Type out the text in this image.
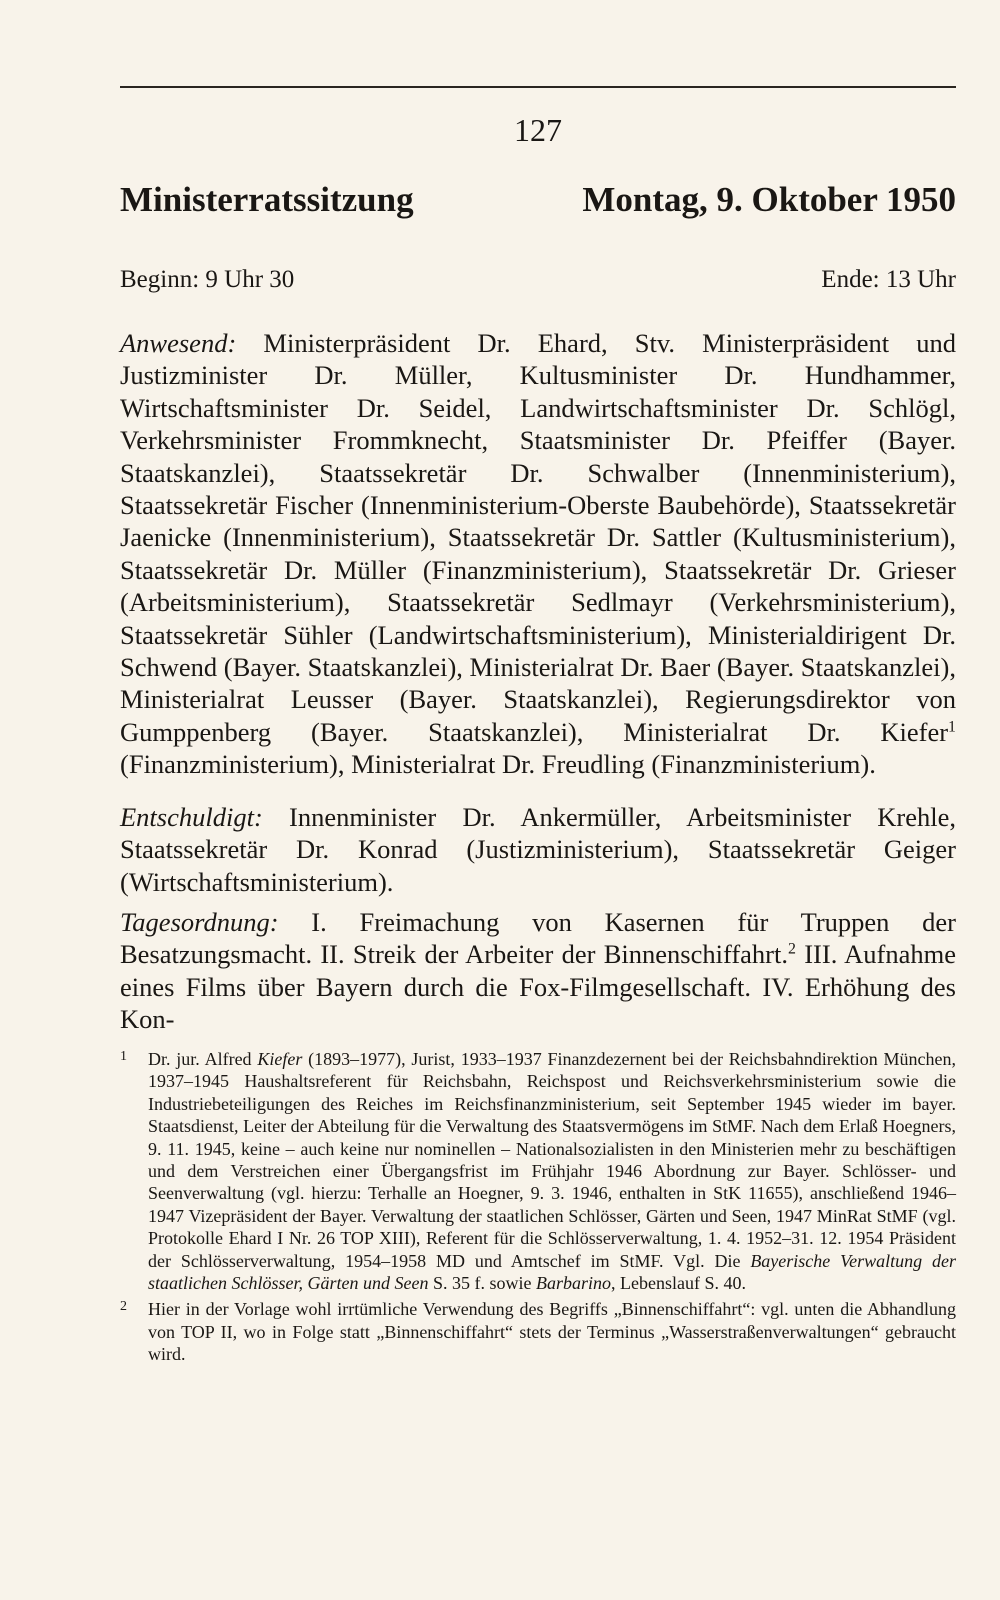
127
Ministerratssitzung	Montag, 9. Oktober 1950
Beginn: 9 Uhr 30	Ende: 13 Uhr
Anwesend: Ministerpräsident Dr. Ehard, Stv. Ministerpräsident und Justizminister Dr. Müller, Kultusminister Dr. Hundhammer, Wirtschaftsminister Dr. Seidel, Landwirtschaftsminister Dr. Schlögl, Verkehrsminister Frommknecht, Staatsminister Dr. Pfeiffer (Bayer. Staatskanzlei), Staatssekretär Dr. Schwalber (Innenministerium), Staatssekretär Fischer (Innenministerium-Oberste Baubehörde), Staatssekretär Jaenicke (Innenministerium), Staatssekretär Dr. Sattler (Kultusministerium), Staatssekretär Dr. Müller (Finanzministerium), Staatssekretär Dr. Grieser (Arbeitsministerium), Staatssekretär Sedlmayr (Verkehrsministerium), Staatssekretär Sühler (Landwirtschaftsministerium), Ministerialdirigent Dr. Schwend (Bayer. Staatskanzlei), Ministerialrat Dr. Baer (Bayer. Staatskanzlei), Ministerialrat Leusser (Bayer. Staatskanzlei), Regierungsdirektor von Gumppenberg (Bayer. Staatskanzlei), Ministerialrat Dr. Kiefer$^1$ (Finanzministerium), Ministerialrat Dr. Freudling (Finanzministerium).
Entschuldigt: Innenminister Dr. Ankermüller, Arbeitsminister Krehle, Staatssekretär Dr. Konrad (Justizministerium), Staatssekretär Geiger (Wirtschaftsministerium).
Tagesordnung: I. Freimachung von Kasernen für Truppen der Besatzungsmacht. II. Streik der Arbeiter der Binnenschiffahrt.$^2$ III. Aufnahme eines Films über Bayern durch die Fox-Filmgesellschaft. IV. Erhöhung des Kon-
1 Dr. jur. Alfred Kiefer (1893–1977), Jurist, 1933–1937 Finanzdezernent bei der Reichsbahndirektion München, 1937–1945 Haushaltsreferent für Reichsbahn, Reichspost und Reichsverkehrsministerium sowie die Industriebeteiligungen des Reiches im Reichsfinanzministerium, seit September 1945 wieder im bayer. Staatsdienst, Leiter der Abteilung für die Verwaltung des Staatsvermögens im StMF. Nach dem Erlaß Hoegners, 9. 11. 1945, keine – auch keine nur nominellen – Nationalsozialisten in den Ministerien mehr zu beschäftigen und dem Verstreichen einer Übergangsfrist im Frühjahr 1946 Abordnung zur Bayer. Schlösser- und Seenverwaltung (vgl. hierzu: Terhalle an Hoegner, 9. 3. 1946, enthalten in StK 11655), anschließend 1946–1947 Vizepräsident der Bayer. Verwaltung der staatlichen Schlösser, Gärten und Seen, 1947 MinRat StMF (vgl. Protokolle Ehard I Nr. 26 TOP XIII), Referent für die Schlösserverwaltung, 1. 4. 1952–31. 12. 1954 Präsident der Schlösserverwaltung, 1954–1958 MD und Amtschef im StMF. Vgl. Die Bayerische Verwaltung der staatlichen Schlösser, Gärten und Seen S. 35 f. sowie Barbarino, Lebenslauf S. 40.
2 Hier in der Vorlage wohl irrtümliche Verwendung des Begriffs „Binnenschiffahrt“: vgl. unten die Abhandlung von TOP II, wo in Folge statt „Binnenschiffahrt“ stets der Terminus „Wasserstraßenverwaltungen“ gebraucht wird.
